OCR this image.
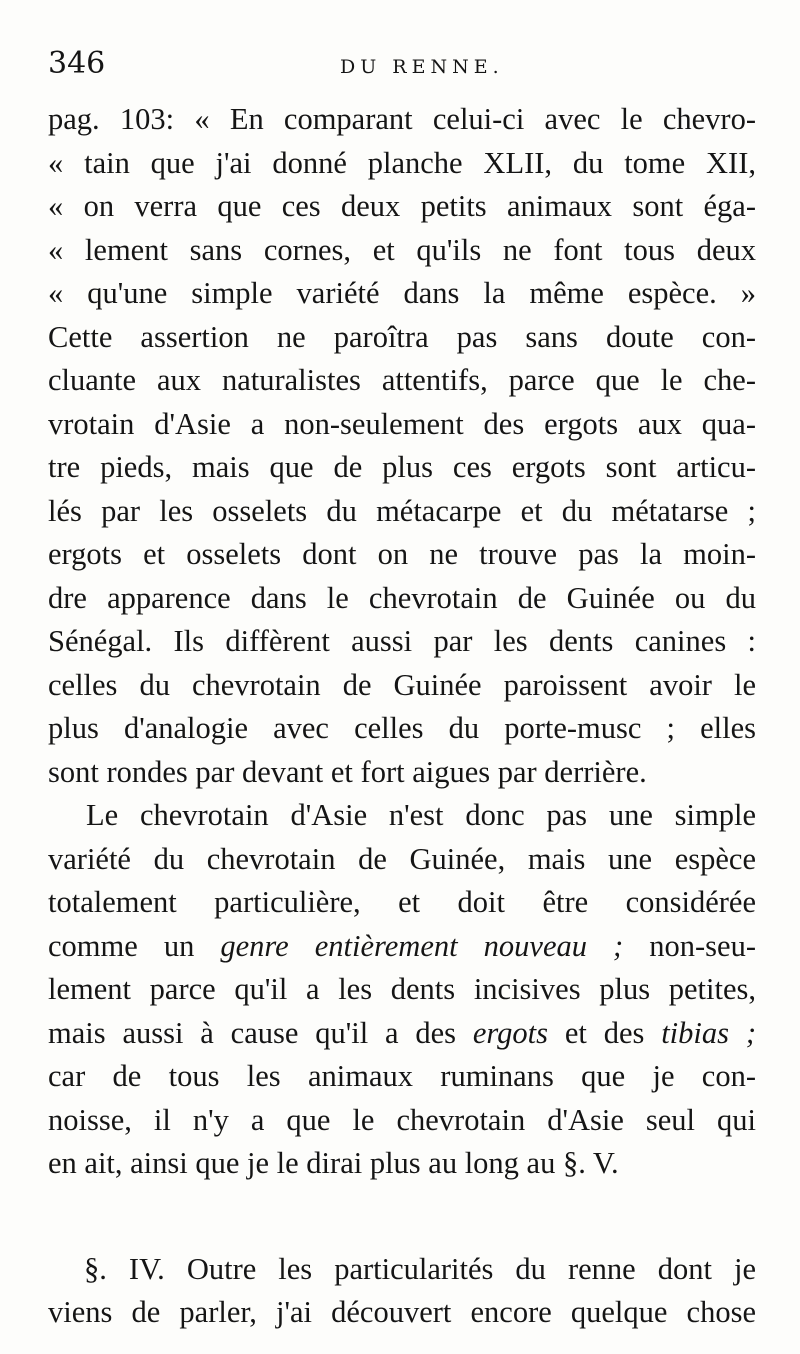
346	DU RENNE.
pag. 103: « En comparant celui-ci avec le chevro-
« tain que j'ai donné planche XLII, du tome XII,
« on verra que ces deux petits animaux sont éga-
« lement sans cornes, et qu'ils ne font tous deux
« qu'une simple variété dans la même espèce. »
Cette assertion ne paroîtra pas sans doute con-
cluante aux naturalistes attentifs, parce que le che-
vrotain d'Asie a non-seulement des ergots aux qua-
tre pieds, mais que de plus ces ergots sont articu-
lés par les osselets du métacarpe et du métatarse ;
ergots et osselets dont on ne trouve pas la moin-
dre apparence dans le chevrotain de Guinée ou du
Sénégal. Ils diffèrent aussi par les dents canines :
celles du chevrotain de Guinée paroissent avoir le
plus d'analogie avec celles du porte-musc ; elles
sont rondes par devant et fort aigues par derrière.
Le chevrotain d'Asie n'est donc pas une simple
variété du chevrotain de Guinée, mais une espèce
totalement particulière, et doit être considérée
comme un genre entièrement nouveau ; non-seu-
lement parce qu'il a les dents incisives plus petites,
mais aussi à cause qu'il a des ergots et des tibias ;
car de tous les animaux ruminans que je con-
noisse, il n'y a que le chevrotain d'Asie seul qui
en ait, ainsi que je le dirai plus au long au §. V.
§. IV. Outre les particularités du renne dont je
viens de parler, j'ai découvert encore quelque chose
